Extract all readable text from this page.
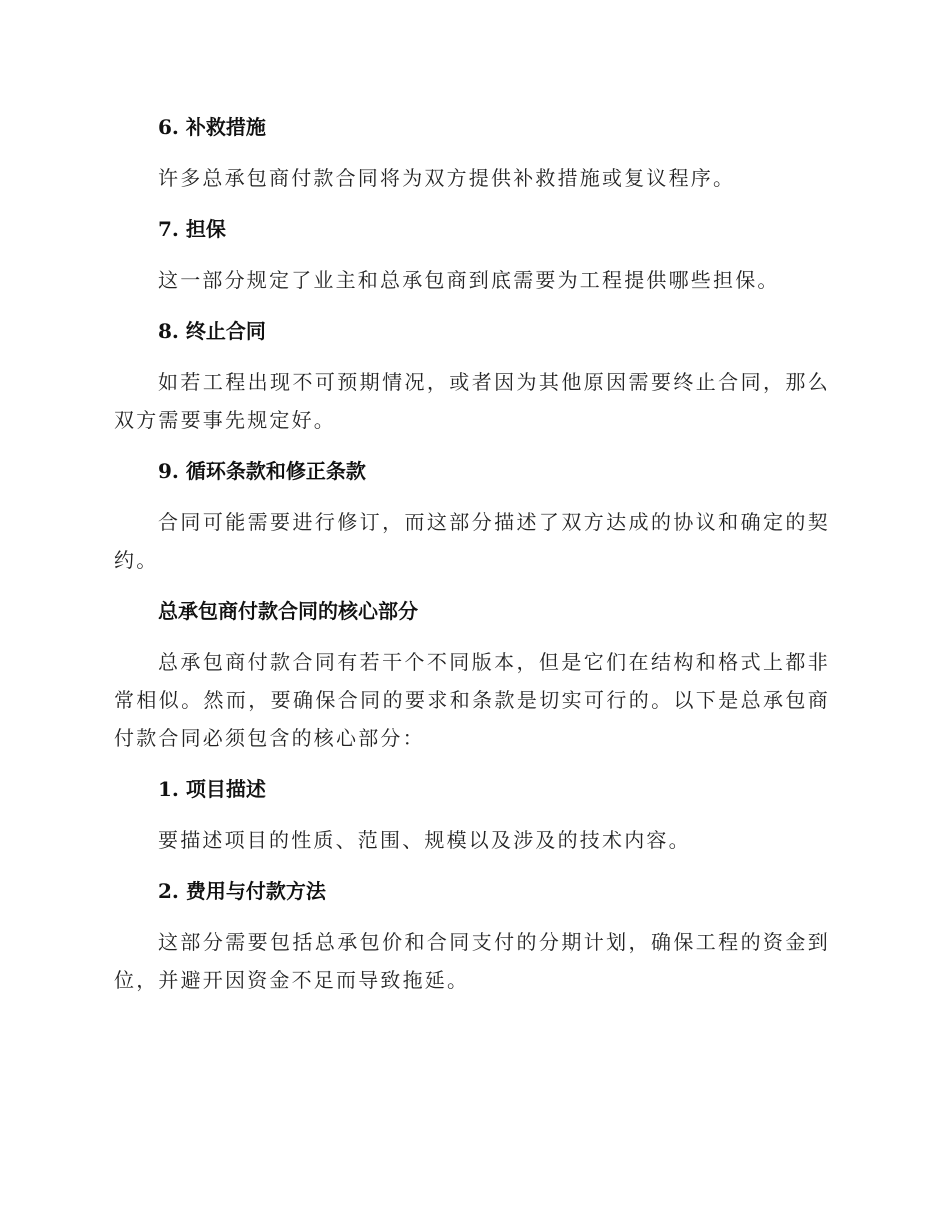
6. 补救措施

许多总承包商付款合同将为双方提供补救措施或复议程序。

7. 担保

这一部分规定了业主和总承包商到底需要为工程提供哪些担保。

8. 终止合同

如若工程出现不可预期情况，或者因为其他原因需要终止合同，那么双方需要事先规定好。

9. 循环条款和修正条款

合同可能需要进行修订，而这部分描述了双方达成的协议和确定的契约。

总承包商付款合同的核心部分

总承包商付款合同有若干个不同版本，但是它们在结构和格式上都非常相似。然而，要确保合同的要求和条款是切实可行的。以下是总承包商付款合同必须包含的核心部分：

1. 项目描述

要描述项目的性质、范围、规模以及涉及的技术内容。

2. 费用与付款方法

这部分需要包括总承包价和合同支付的分期计划，确保工程的资金到位，并避开因资金不足而导致拖延。
